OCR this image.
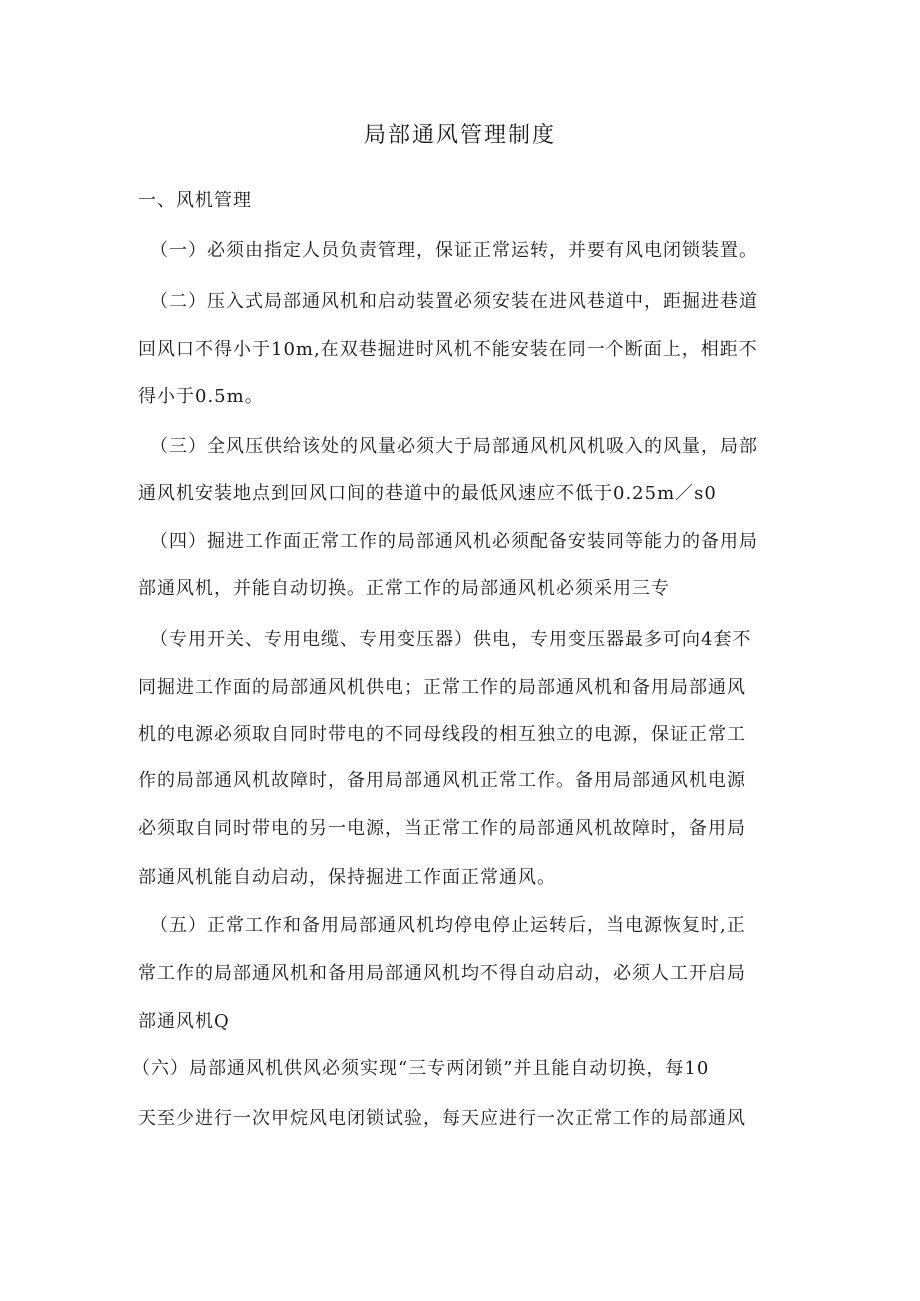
局部通风管理制度
一、风机管理
（一）必须由指定人员负责管理，保证正常运转，并要有风电闭锁装置。
（二）压入式局部通风机和启动装置必须安装在进风巷道中，距掘进巷道
回风口不得小于10m,在双巷掘进时风机不能安装在同一个断面上，相距不
得小于0.5m。
（三）全风压供给该处的风量必须大于局部通风机风机吸入的风量，局部
通风机安装地点到回风口间的巷道中的最低风速应不低于0.25m／s0
（四）掘进工作面正常工作的局部通风机必须配备安装同等能力的备用局
部通风机，并能自动切换。正常工作的局部通风机必须采用三专
（专用开关、专用电缆、专用变压器）供电，专用变压器最多可向4套不
同掘进工作面的局部通风机供电；正常工作的局部通风机和备用局部通风
机的电源必须取自同时带电的不同母线段的相互独立的电源，保证正常工
作的局部通风机故障时，备用局部通风机正常工作。备用局部通风机电源
必须取自同时带电的另一电源，当正常工作的局部通风机故障时，备用局
部通风机能自动启动，保持掘进工作面正常通风。
（五）正常工作和备用局部通风机均停电停止运转后，当电源恢复时,正
常工作的局部通风机和备用局部通风机均不得自动启动，必须人工开启局
部通风机Q
（六）局部通风机供风必须实现“三专两闭锁”并且能自动切换，每10
天至少进行一次甲烷风电闭锁试验，每天应进行一次正常工作的局部通风
